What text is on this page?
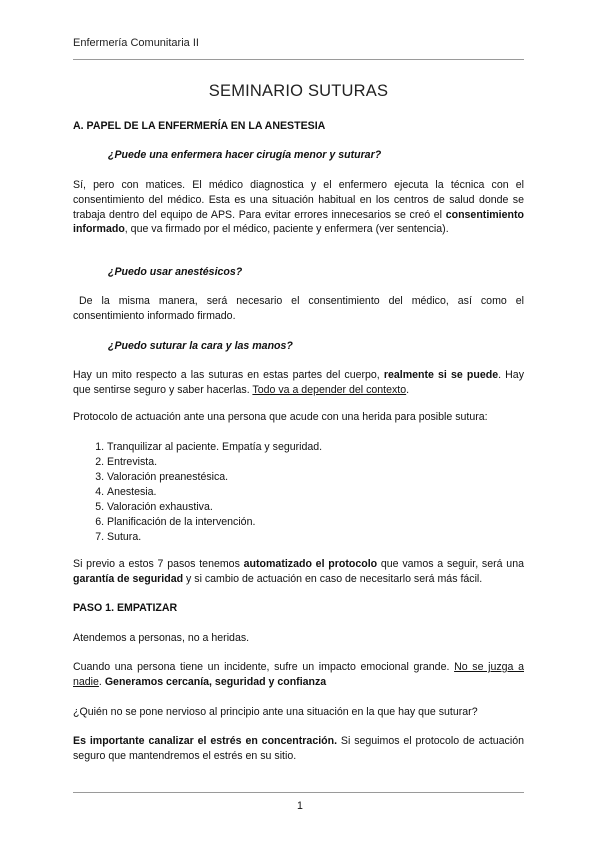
Enfermería Comunitaria II
SEMINARIO SUTURAS
A. PAPEL DE LA ENFERMERÍA EN LA ANESTESIA
¿Puede una enfermera hacer cirugía menor y suturar?
Sí, pero con matices. El médico diagnostica y el enfermero ejecuta la técnica con el consentimiento del médico. Esta es una situación habitual en los centros de salud donde se trabaja dentro del equipo de APS. Para evitar errores innecesarios se creó el consentimiento informado, que va firmado por el médico, paciente y enfermera (ver sentencia).
¿Puedo usar anestésicos?
De la misma manera, será necesario el consentimiento del médico, así como el consentimiento informado firmado.
¿Puedo suturar la cara y las manos?
Hay un mito respecto a las suturas en estas partes del cuerpo, realmente si se puede. Hay que sentirse seguro y saber hacerlas. Todo va a depender del contexto.
Protocolo de actuación ante una persona que acude con una herida para posible sutura:
1. Tranquilizar al paciente. Empatía y seguridad.
2. Entrevista.
3. Valoración preanestésica.
4. Anestesia.
5. Valoración exhaustiva.
6. Planificación de la intervención.
7. Sutura.
Si previo a estos 7 pasos tenemos automatizado el protocolo que vamos a seguir, será una garantía de seguridad y si cambio de actuación en caso de necesitarlo será más fácil.
PASO 1. EMPATIZAR
Atendemos a personas, no a heridas.
Cuando una persona tiene un incidente, sufre un impacto emocional grande. No se juzga a nadie. Generamos cercanía, seguridad y confianza
¿Quién no se pone nervioso al principio ante una situación en la que hay que suturar?
Es importante canalizar el estrés en concentración. Si seguimos el protocolo de actuación seguro que mantendremos el estrés en su sitio.
1
